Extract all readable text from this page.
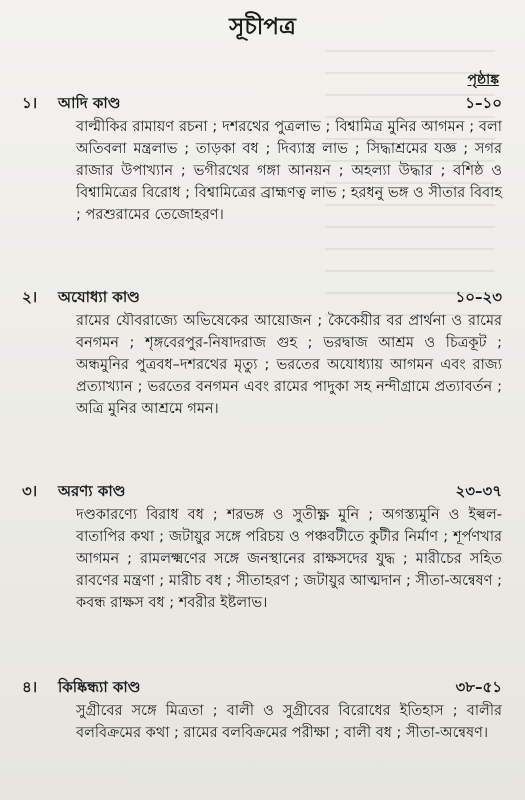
সূচীপত্র
পৃষ্ঠাঙ্ক
১। আদি কাণ্ড	১–১০
বাল্মীকির রামায়ণ রচনা ; দশরথের পুত্রলাভ ; বিশ্বামিত্র মুনির আগমন ; বলা অতিবলা মন্ত্রলাভ ; তাড়কা বধ ; দিব্যাস্ত্র লাভ ; সিদ্ধাশ্রমের যজ্ঞ ; সগর রাজার উপাখ্যান ; ভগীরথের গঙ্গা আনয়ন ; অহল্যা উদ্ধার ; বশিষ্ঠ ও বিশ্বামিত্রের বিরোধ ; বিশ্বামিত্রের ব্রাহ্মণত্ব লাভ ; হরধনু ভঙ্গ ও সীতার বিবাহ ; পরশুরামের তেজোহরণ।
২। অযোধ্যা কাণ্ড	১০–২৩
রামের যৌবরাজ্যে অভিষেকের আয়োজন ; কৈকেয়ীর বর প্রার্থনা ও রামের বনগমন ; শৃঙ্গবেরপুর-নিষাদরাজ গুহ ; ভরদ্বাজ আশ্রম ও চিত্রকূট ; অন্ধমুনির পুত্রবধ–দশরথের মৃত্যু ; ভরতের অযোধ্যায় আগমন এবং রাজ্য প্রত্যাখ্যান ; ভরতের বনগমন এবং রামের পাদুকা সহ নন্দীগ্রামে প্রত্যাবর্তন ; অত্রি মুনির আশ্রমে গমন।
৩। অরণ্য কাণ্ড	২৩–৩৭
দণ্ডকারণ্যে বিরাধ বধ ; শরভঙ্গ ও সুতীক্ষ্ণ মুনি ; অগস্ত্যমুনি ও ইল্বল-বাতাপির কথা ; জটায়ুর সঙ্গে পরিচয় ও পঞ্চবটীতে কুটীর নির্মাণ ; শূর্পণখার আগমন ; রামলক্ষ্মণের সঙ্গে জনস্থানের রাক্ষসদের যুদ্ধ ; মারীচের সহিত রাবণের মন্ত্রণা ; মারীচ বধ ; সীতাহরণ ; জটায়ুর আত্মদান ; সীতা-অন্বেষণ ; কবন্ধ রাক্ষস বধ ; শবরীর ইষ্টলাভ।
৪। কিষ্কিন্ধ্যা কাণ্ড	৩৮–৫১
সুগ্রীবের সঙ্গে মিত্রতা ; বালী ও সুগ্রীবের বিরোধের ইতিহাস ; বালীর বলবিক্রমের কথা ; রামের বলবিক্রমের পরীক্ষা ; বালী বধ ; সীতা-অন্বেষণ।
